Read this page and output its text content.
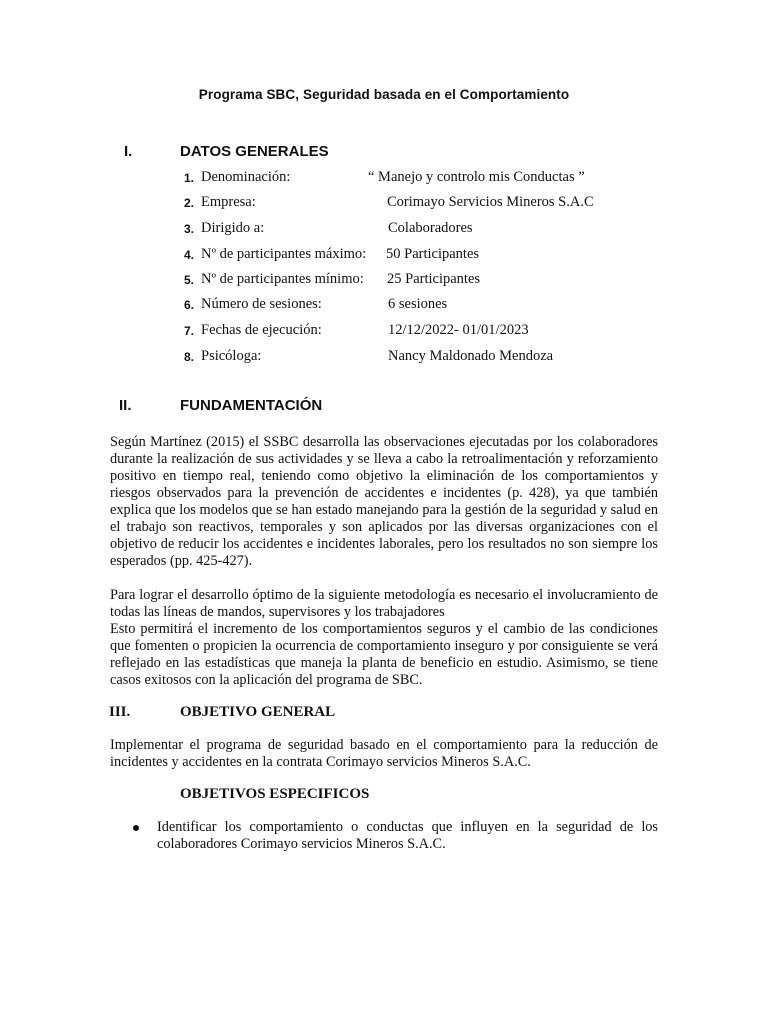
Programa SBC, Seguridad basada en el Comportamiento
I.	DATOS GENERALES
1. Denominación:	“ Manejo y controlo mis Conductas ”
2. Empresa:	Corimayo Servicios Mineros S.A.C
3. Dirigido a:	Colaboradores
4. Nº de participantes máximo: 50 Participantes
5. Nº de participantes mínimo: 25 Participantes
6. Número de sesiones:	6 sesiones
7. Fechas de ejecución:	12/12/2022- 01/01/2023
8. Psicóloga:	Nancy Maldonado Mendoza
II.	FUNDAMENTACIÓN
Según Martínez (2015) el SSBC desarrolla las observaciones ejecutadas por los colaboradores durante la realización de sus actividades y se lleva a cabo la retroalimentación y reforzamiento positivo en tiempo real, teniendo como objetivo la eliminación de los comportamientos y riesgos observados para la prevención de accidentes e incidentes (p. 428), ya que también explica que los modelos que se han estado manejando para la gestión de la seguridad y salud en el trabajo son reactivos, temporales y son aplicados por las diversas organizaciones con el objetivo de reducir los accidentes e incidentes laborales, pero los resultados no son siempre los esperados (pp. 425-427).
Para lograr el desarrollo óptimo de la siguiente metodología es necesario el involucramiento de todas las líneas de mandos, supervisores y los trabajadores
Esto permitirá el incremento de los comportamientos seguros y el cambio de las condiciones que fomenten o propicien la ocurrencia de comportamiento inseguro y por consiguiente se verá reflejado en las estadísticas que maneja la planta de beneficio en estudio. Asimismo, se tiene casos exitosos con la aplicación del programa de SBC.
III.	OBJETIVO GENERAL
Implementar el programa de seguridad basado en el comportamiento para la reducción de incidentes y accidentes en la contrata Corimayo servicios Mineros S.A.C.
OBJETIVOS ESPECIFICOS
Identificar los comportamiento o conductas que influyen en la seguridad de los colaboradores Corimayo servicios Mineros S.A.C.
